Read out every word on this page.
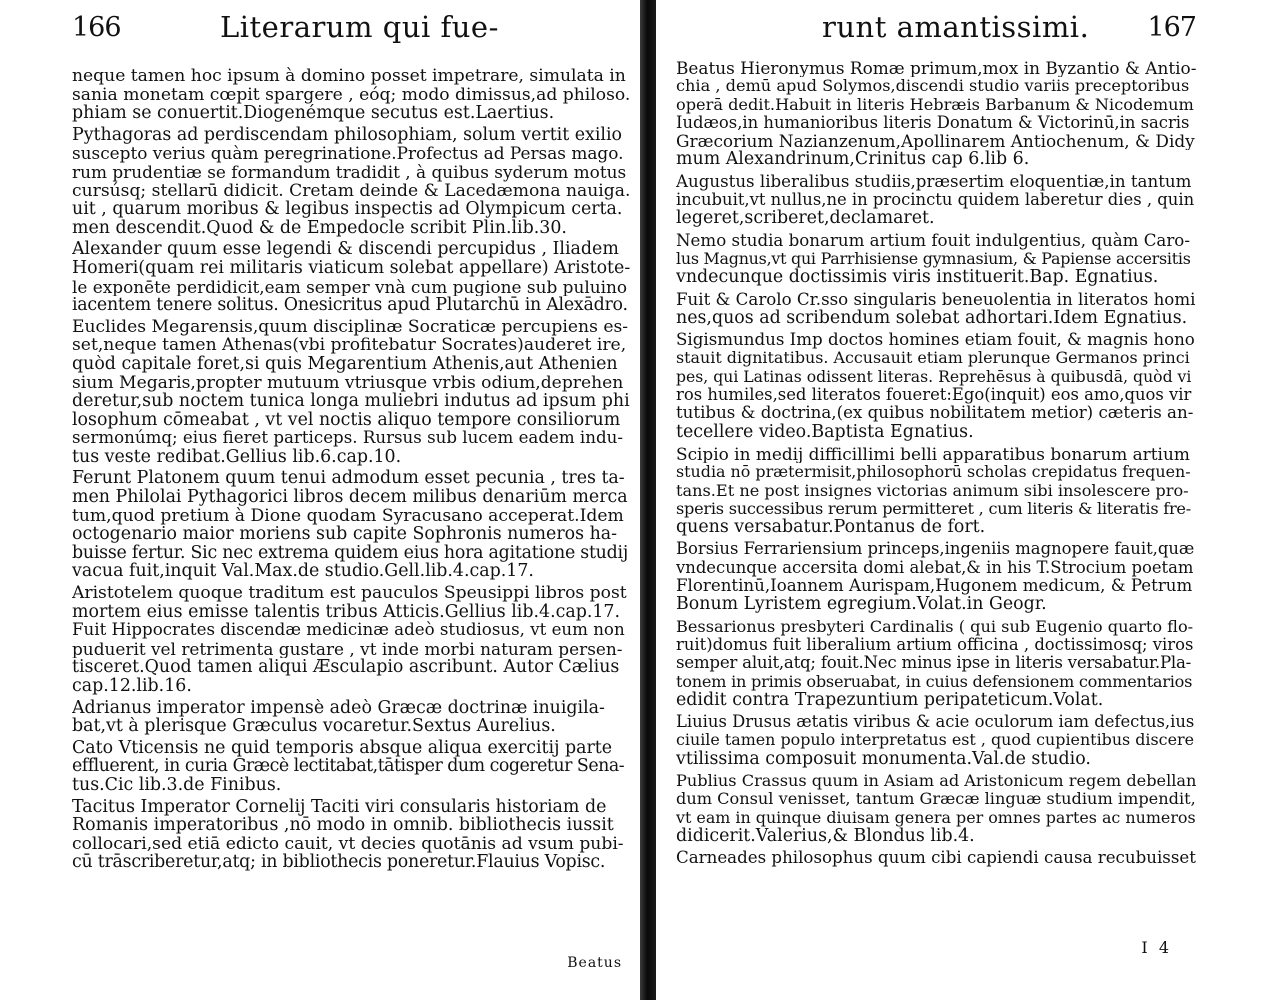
166	Literarum qui fue-
neque tamen hoc ipsum à domino posset impetrare, simulata in
sania monetam cœpit spargere , eóq; modo dimissus,ad philoso.
phiam se conuertit.Diogenémque secutus est.Laertius.
Pythagoras ad perdiscendam philosophiam, solum vertit exilio
suscepto verius quàm peregrinatione.Profectus ad Persas mago.
rum prudentiæ se formandum tradidit , à quibus syderum motus
cursúsq; stellarū didicit. Cretam deinde & Lacedæmona nauiga.
uit , quarum moribus & legibus inspectis ad Olympicum certa.
men descendit.Quod & de Empedocle scribit Plin.lib.30.
Alexander quum esse legendi & discendi percupidus , Iliadem
Homeri(quam rei militaris viaticum solebat appellare) Aristote-
le exponēte perdidicit,eam semper vnà cum pugione sub puluino
iacentem tenere solitus. Onesicritus apud Plutarchū in Alexādro.
Euclides Megarensis,quum disciplinæ Socraticæ percupiens es-
set,neque tamen Athenas(vbi profitebatur Socrates)auderet ire,
quòd capitale foret,si quis Megarentium Athenis,aut Athenien
sium Megaris,propter mutuum vtriusque vrbis odium,deprehen
deretur,sub noctem tunica longa muliebri indutus ad ipsum phi
losophum cōmeabat , vt vel noctis aliquo tempore consiliorum
sermonúmq; eius fieret particeps. Rursus sub lucem eadem indu-
tus veste redibat.Gellius lib.6.cap.10.
Ferunt Platonem quum tenui admodum esset pecunia , tres ta-
men Philolai Pythagorici libros decem milibus denariūm merca
tum,quod pretium à Dione quodam Syracusano acceperat.Idem
octogenario maior moriens sub capite Sophronis numeros ha-
buisse fertur. Sic nec extrema quidem eius hora agitatione studij
vacua fuit,inquit Val.Max.de studio.Gell.lib.4.cap.17.
Aristotelem quoque traditum est pauculos Speusippi libros post
mortem eius emisse talentis tribus Atticis.Gellius lib.4.cap.17.
Fuit Hippocrates discendæ medicinæ adeò studiosus, vt eum non
puduerit vel retrimenta gustare , vt inde morbi naturam persen-
tisceret.Quod tamen aliqui Æsculapio ascribunt. Autor Cælius
cap.12.lib.16.
Adrianus imperator impensè adeò Græcæ doctrinæ inuigila-
bat,vt à plerisque Græculus vocaretur.Sextus Aurelius.
Cato Vticensis ne quid temporis absque aliqua exercitij parte
effluerent, in curia Græcè lectitabat,tātisper dum cogeretur Sena-
tus.Cic lib.3.de Finibus.
Tacitus Imperator Cornelij Taciti viri consularis historiam de
Romanis imperatoribus ,nō modo in omnib. bibliothecis iussit
collocari,sed etiā edicto cauit, vt decies quotānis ad vsum pubi-
cū trāscriberetur,atq; in bibliothecis poneretur.Flauius Vopisc.
Beatus
runt amantissimi. 167
Beatus Hieronymus Romæ primum,mox in Byzantio & Antio-
chia , demū apud Solymos,discendi studio variis preceptoribus
operā dedit.Habuit in literis Hebræis Barbanum & Nicodemum
Iudæos,in humanioribus literis Donatum & Victorinū,in sacris
Græcorium Nazianzenum,Apollinarem Antiochenum, & Didy
mum Alexandrinum,Crinitus cap 6.lib 6.
Augustus liberalibus studiis,præsertim eloquentiæ,in tantum
incubuit,vt nullus,ne in procinctu quidem laberetur dies , quin
legeret,scriberet,declamaret.
Nemo studia bonarum artium fouit indulgentius, quàm Caro-
lus Magnus,vt qui Parrhisiense gymnasium, & Papiense accersitis
vndecunque doctissimis viris instituerit.Bap. Egnatius.
Fuit & Carolo Cr.sso singularis beneuolentia in literatos homi
nes,quos ad scribendum solebat adhortari.Idem Egnatius.
Sigismundus Imp doctos homines etiam fouit, & magnis hono
stauit dignitatibus. Accusauit etiam plerunque Germanos princi
pes, qui Latinas odissent literas. Reprehēsus à quibusdā, quòd vi
ros humiles,sed literatos foueret:Ego(inquit) eos amo,quos vir
tutibus & doctrina,(ex quibus nobilitatem metior) cæteris an-
tecellere video.Baptista Egnatius.
Scipio in medij difficillimi belli apparatibus bonarum artium
studia nō prætermisit,philosophorū scholas crepidatus frequen-
tans.Et ne post insignes victorias animum sibi insolescere pro-
speris successibus rerum permitteret , cum literis & literatis fre-
quens versabatur.Pontanus de fort.
Borsius Ferrariensium princeps,ingeniis magnopere fauit,quæ
vndecunque accersita domi alebat,& in his T.Strocium poetam
Florentinū,Ioannem Aurispam,Hugonem medicum, & Petrum
Bonum Lyristem egregium.Volat.in Geogr.
Bessarionus presbyteri Cardinalis ( qui sub Eugenio quarto flo-
ruit)domus fuit liberalium artium officina , doctissimosq; viros
semper aluit,atq; fouit.Nec minus ipse in literis versabatur.Pla-
tonem in primis obseruabat, in cuius defensionem commentarios
edidit contra Trapezuntium peripateticum.Volat.
Liuius Drusus ætatis viribus & acie oculorum iam defectus,ius
ciuile tamen populo interpretatus est , quod cupientibus discere
vtilissima composuit monumenta.Val.de studio.
Publius Crassus quum in Asiam ad Aristonicum regem debellan
dum Consul venisset, tantum Græcæ linguæ studium impendit,
vt eam in quinque diuisam genera per omnes partes ac numeros
didicerit.Valerius,& Blondus lib.4.
Carneades philosophus quum cibi capiendi causa recubuisset
I 4
